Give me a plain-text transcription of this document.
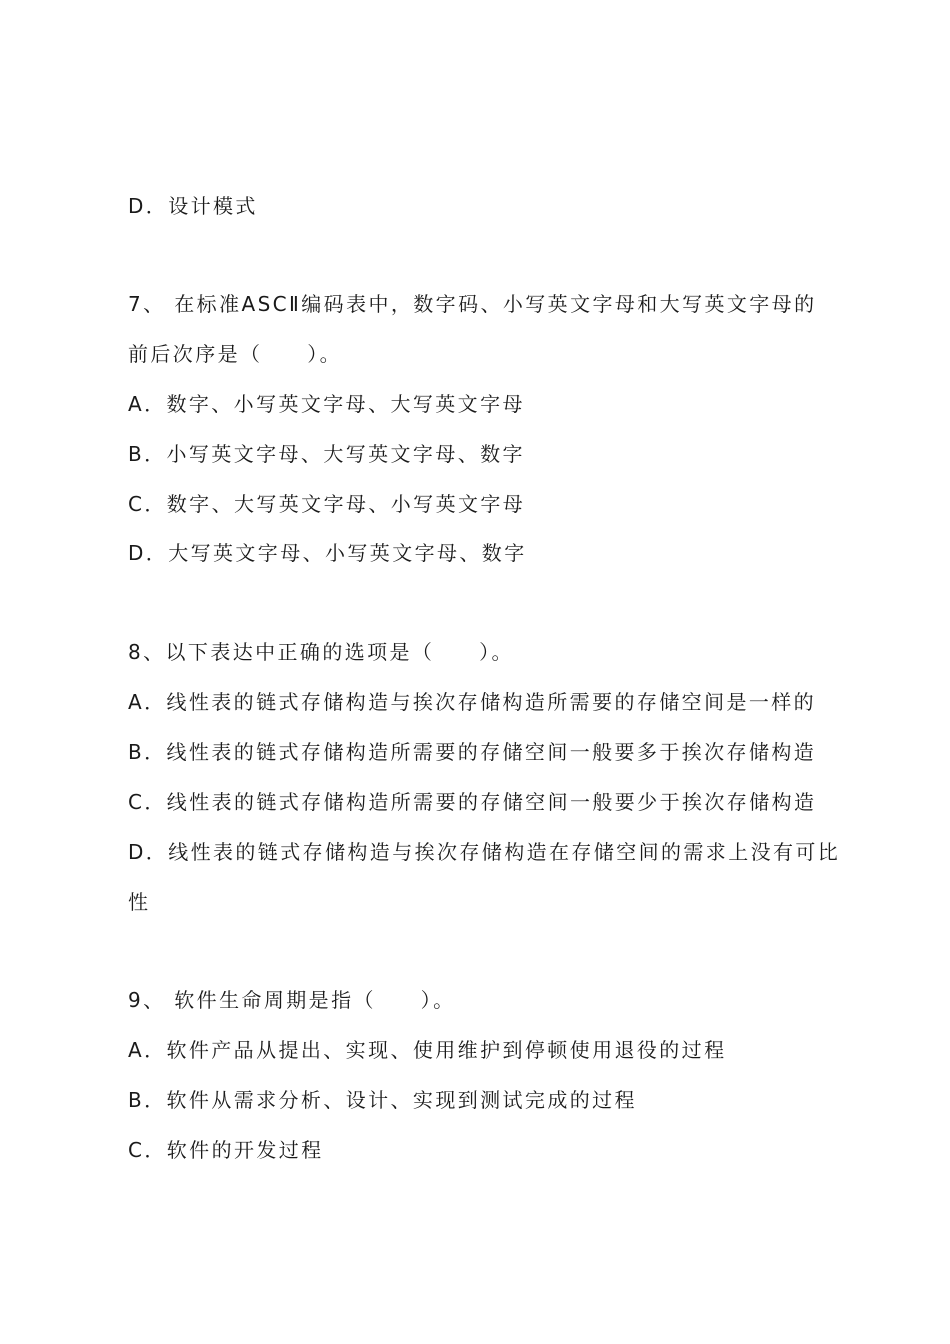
D．设计模式
7、 在标准ASCⅡ编码表中，数字码、小写英文字母和大写英文字母的
前后次序是（　　）。
A．数字、小写英文字母、大写英文字母
B．小写英文字母、大写英文字母、数字
C．数字、大写英文字母、小写英文字母
D．大写英文字母、小写英文字母、数字
8、以下表达中正确的选项是（　　）。
A．线性表的链式存储构造与挨次存储构造所需要的存储空间是一样的
B．线性表的链式存储构造所需要的存储空间一般要多于挨次存储构造
C．线性表的链式存储构造所需要的存储空间一般要少于挨次存储构造
D．线性表的链式存储构造与挨次存储构造在存储空间的需求上没有可比
性
9、 软件生命周期是指（　　）。
A．软件产品从提出、实现、使用维护到停顿使用退役的过程
B．软件从需求分析、设计、实现到测试完成的过程
C．软件的开发过程
